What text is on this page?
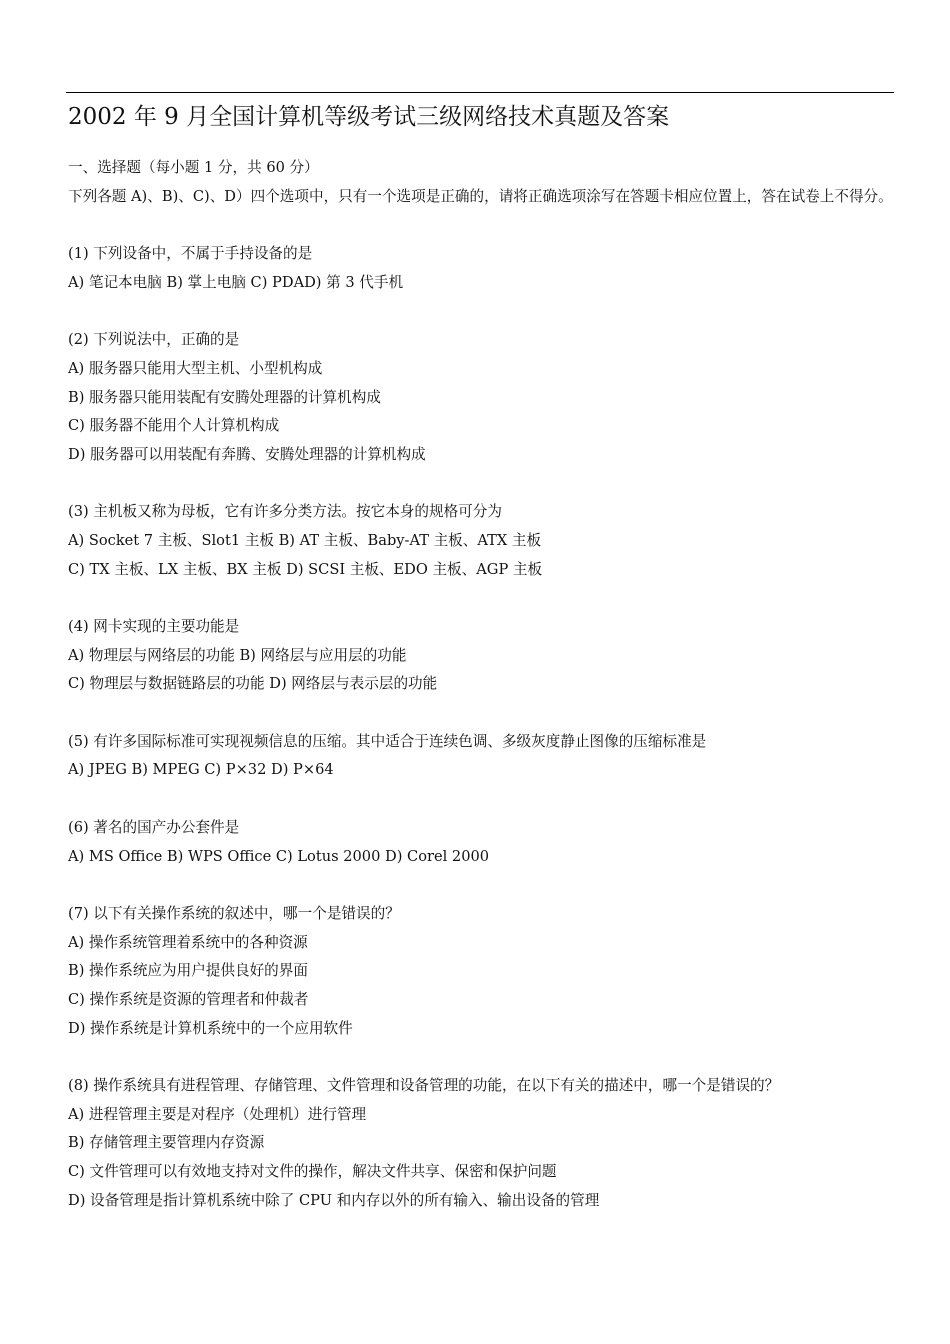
2002 年 9 月全国计算机等级考试三级网络技术真题及答案
一、选择题（每小题 1 分，共 60 分）
下列各题 A)、B)、C)、D）四个选项中，只有一个选项是正确的，请将正确选项涂写在答题卡相应位置上，答在试卷上不得分。
(1) 下列设备中，不属于手持设备的是
A) 笔记本电脑 B) 掌上电脑 C) PDAD) 第 3 代手机
(2) 下列说法中，正确的是
A) 服务器只能用大型主机、小型机构成
B) 服务器只能用装配有安腾处理器的计算机构成
C) 服务器不能用个人计算机构成
D) 服务器可以用装配有奔腾、安腾处理器的计算机构成
(3) 主机板又称为母板，它有许多分类方法。按它本身的规格可分为
A) Socket 7 主板、Slot1 主板 B) AT 主板、Baby-AT 主板、ATX 主板
C) TX 主板、LX 主板、BX 主板 D) SCSI 主板、EDO 主板、AGP 主板
(4) 网卡实现的主要功能是
A) 物理层与网络层的功能 B) 网络层与应用层的功能
C) 物理层与数据链路层的功能 D) 网络层与表示层的功能
(5) 有许多国际标准可实现视频信息的压缩。其中适合于连续色调、多级灰度静止图像的压缩标准是
A) JPEG B) MPEG C) P×32 D) P×64
(6) 著名的国产办公套件是
A) MS Office B) WPS Office C) Lotus 2000 D) Corel 2000
(7) 以下有关操作系统的叙述中，哪一个是错误的？
A) 操作系统管理着系统中的各种资源
B) 操作系统应为用户提供良好的界面
C) 操作系统是资源的管理者和仲裁者
D) 操作系统是计算机系统中的一个应用软件
(8) 操作系统具有进程管理、存储管理、文件管理和设备管理的功能，在以下有关的描述中，哪一个是错误的？
A) 进程管理主要是对程序（处理机）进行管理
B) 存储管理主要管理内存资源
C) 文件管理可以有效地支持对文件的操作，解决文件共享、保密和保护问题
D) 设备管理是指计算机系统中除了 CPU 和内存以外的所有输入、输出设备的管理
